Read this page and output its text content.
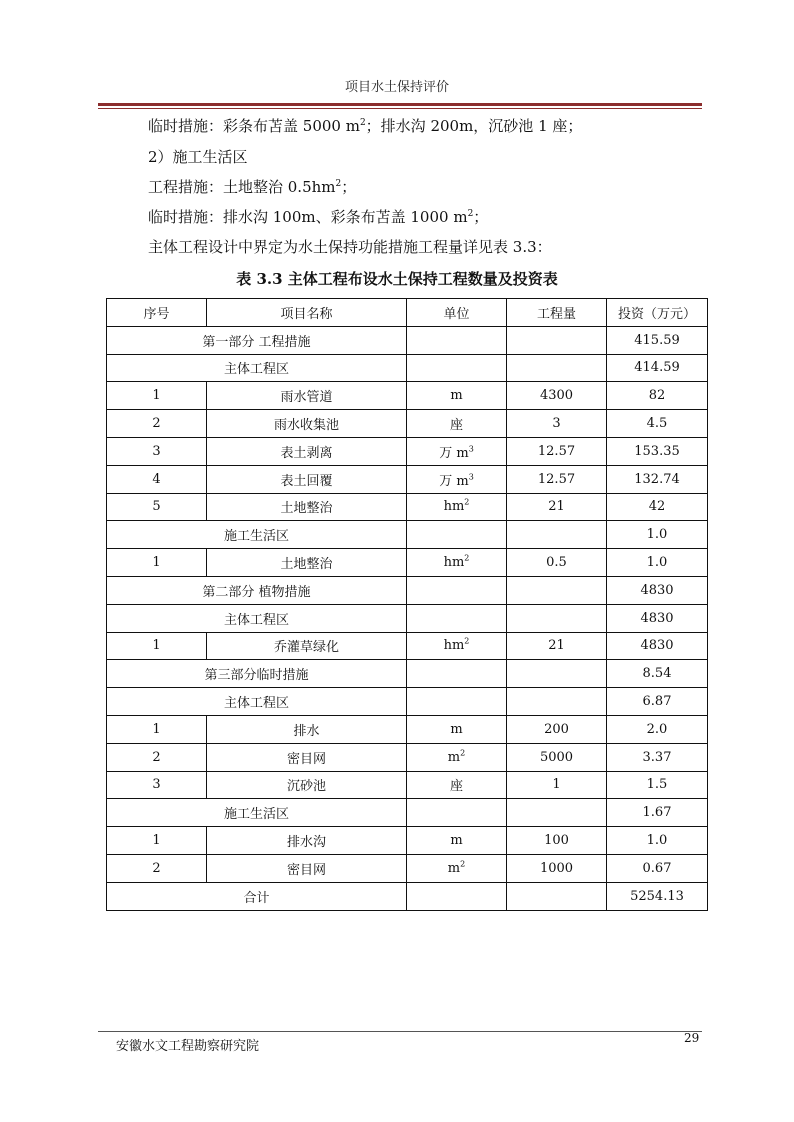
项目水土保持评价
临时措施：彩条布苫盖 5000 $m^2$；排水沟 200m，沉砂池 1 座；
2）施工生活区
工程措施：土地整治 $0.5hm^2$；
临时措施：排水沟 100m、彩条布苫盖 1000 $m^2$；
主体工程设计中界定为水土保持功能措施工程量详见表 3.3：
表 3.3 主体工程布设水土保持工程数量及投资表
序号	项目名称	单位	工程量	投资（万元）
第一部分 工程措施				415.59
主体工程区				414.59
1	雨水管道	m	4300	82
2	雨水收集池	座	3	4.5
3	表土剥离	万 $m^3$	12.57	153.35
4	表土回覆	万 $m^3$	12.57	132.74
5	土地整治	$hm^2$	21	42
施工生活区				1.0
1	土地整治	$hm^2$	0.5	1.0
第二部分 植物措施				4830
主体工程区				4830
1	乔灌草绿化	$hm^2$	21	4830
第三部分临时措施				8.54
主体工程区				6.87
1	排水	m	200	2.0
2	密目网	$m^2$	5000	3.37
3	沉砂池	座	1	1.5
施工生活区				1.67
1	排水沟	m	100	1.0
2	密目网	$m^2$	1000	0.67
合计				5254.13
安徽水文工程勘察研究院
29
